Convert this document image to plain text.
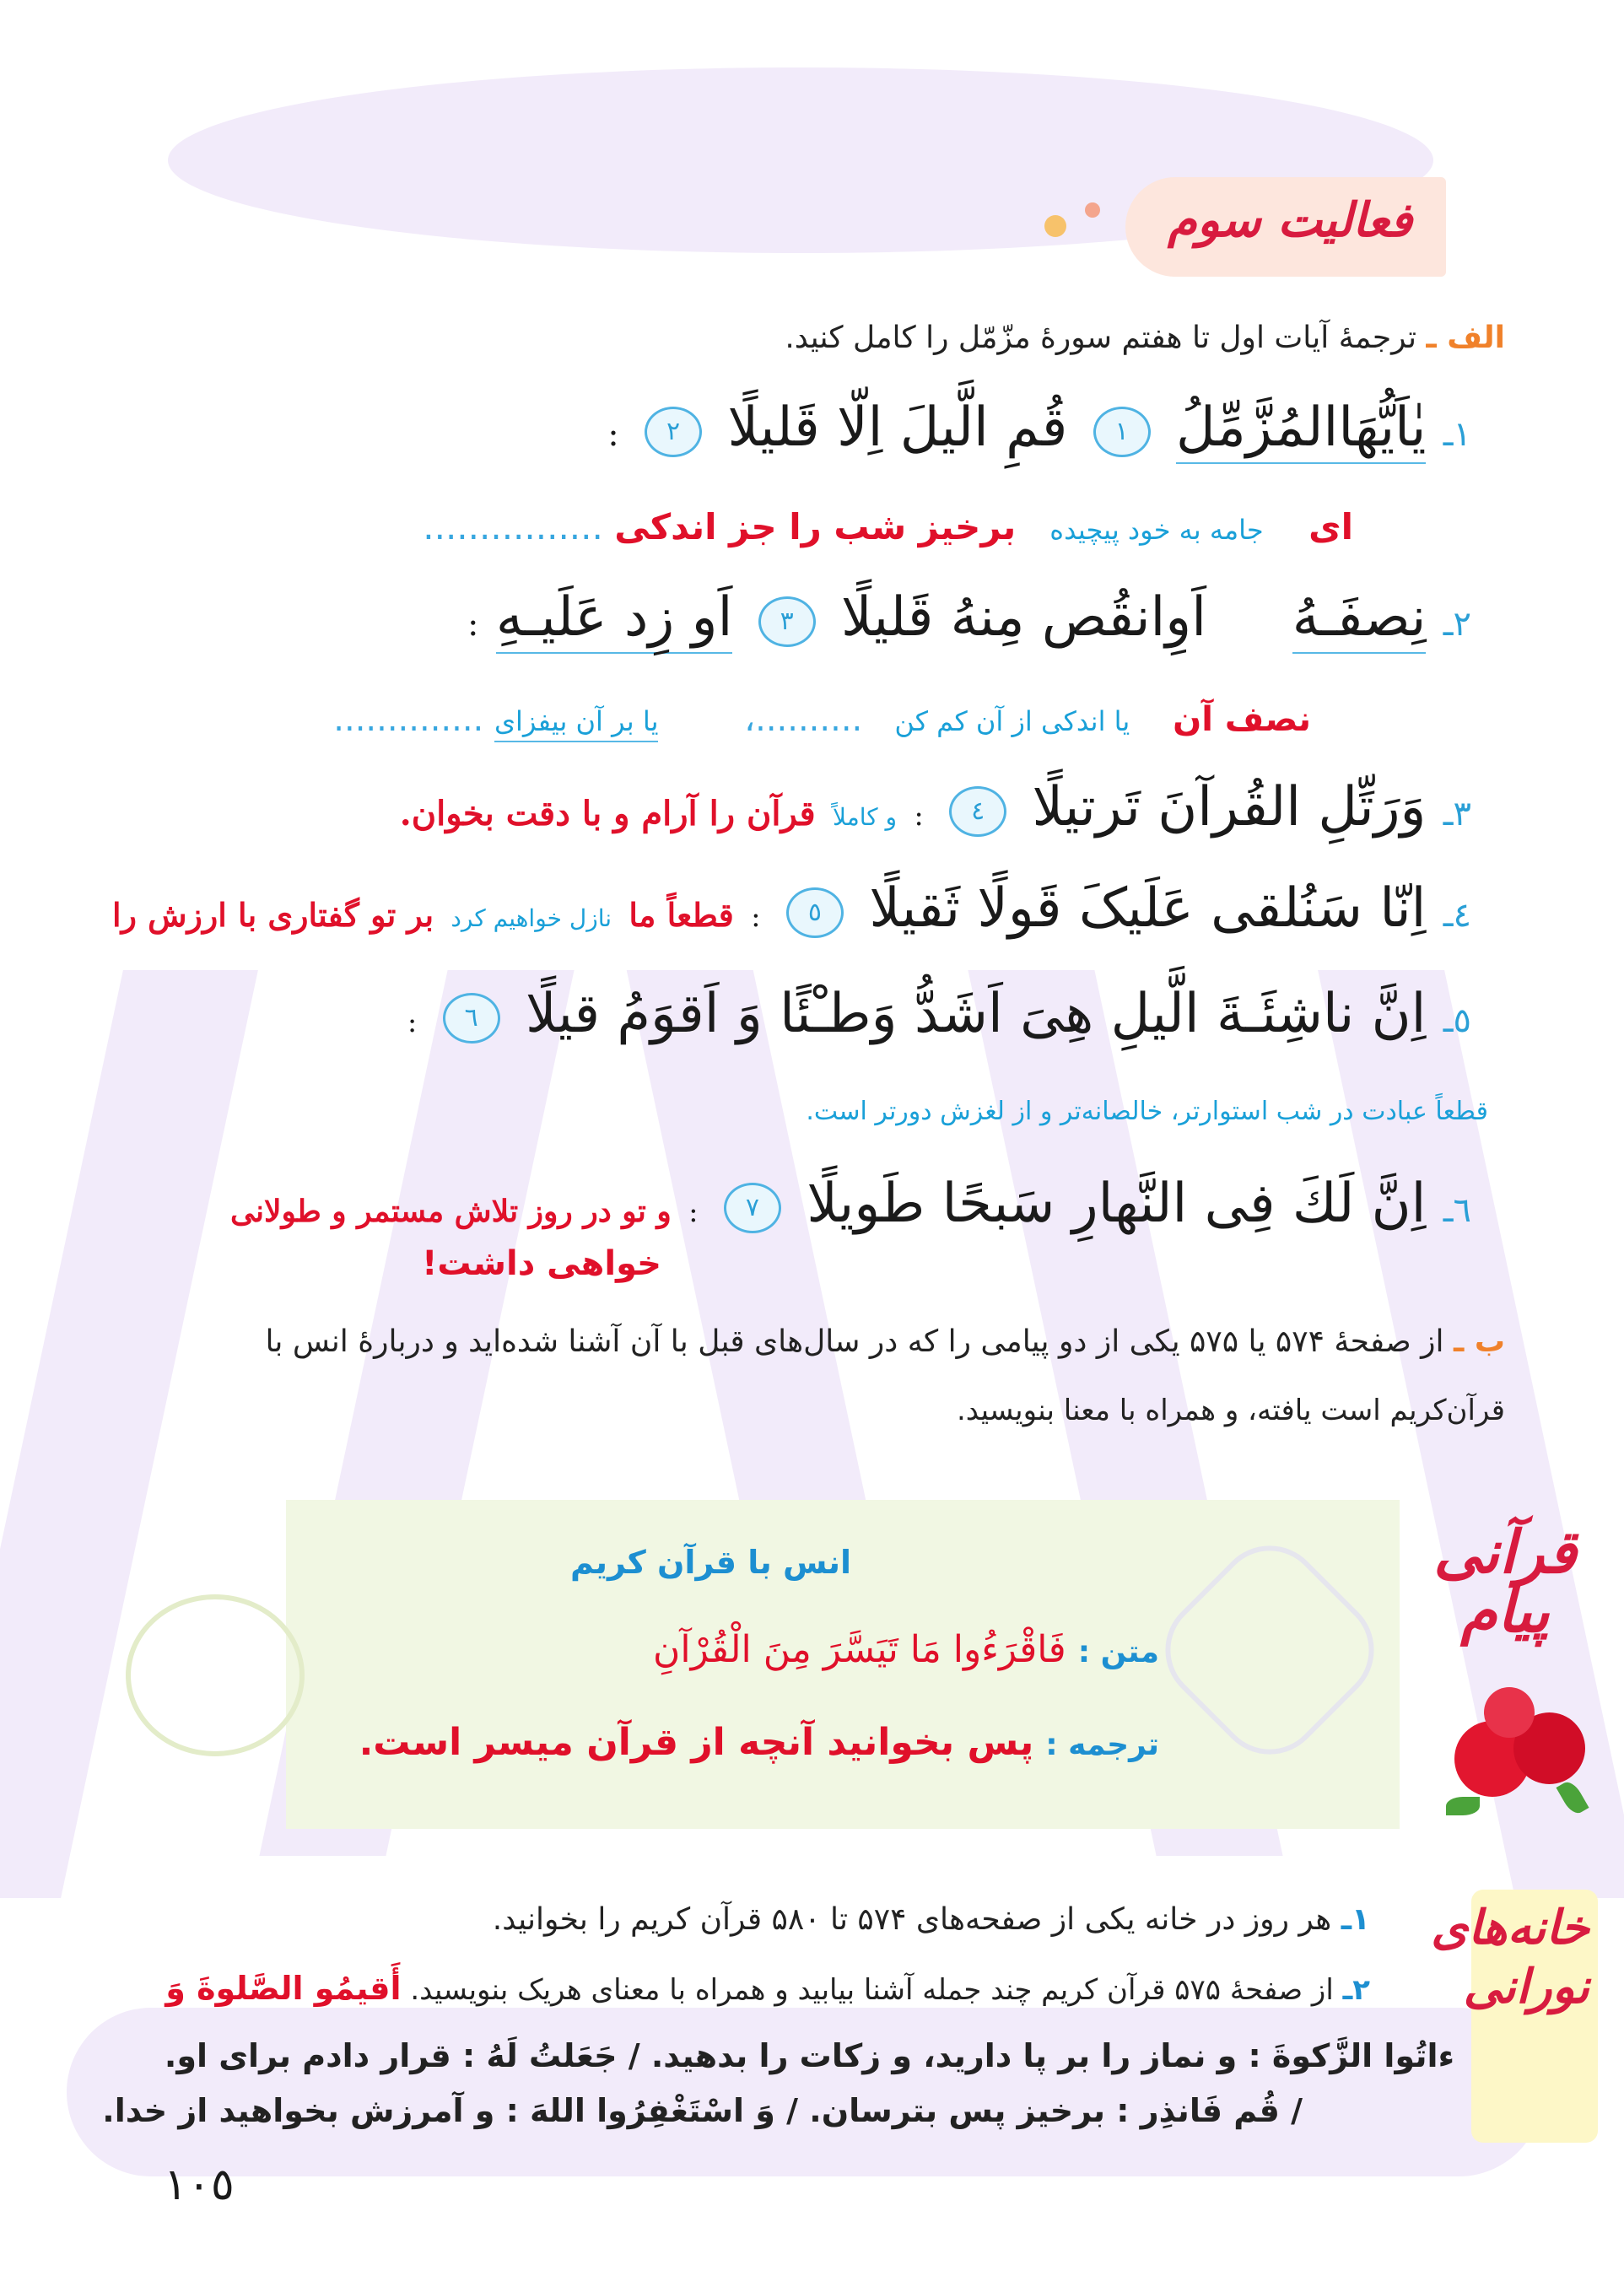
فعالیت سوم
الف ـ ترجمهٔ آیات اول تا هفتم سورهٔ مزّمّل را کامل کنید.
١ـ یٰاَیُّهَاالمُزَّمِّلُ ١ قُمِ الَّیلَ اِلّا قَلیلًا ٢ :
ای    جامه به خود پیچیده   برخیز شب را جز اندکی ................
٢ـ نِصفَـهُ     اَوِانقُص مِنهُ قَلیلًا ٣ اَو زِد عَلَیـهِ :
نصف آن    یا اندکی از آن کم کن   ..........،        یا بر آن بیفزای ..............
٣ـ وَرَتِّلِ القُرآنَ تَرتیلًا ٤ : و کاملاً قرآن را آرام و با دقت بخوان.
٤ـ اِنّا سَنُلقی عَلَیکَ قَولًا ثَقیلًا ٥ : قطعاً ما نازل خواهیم کرد بر تو گفتاری با ارزش را
٥ـ اِنَّ ناشِئَـةَ الَّیلِ هِیَ اَشَدُّ وَطـْئًا وَ اَقوَمُ قیلًا ٦ :
قطعاً عبادت در شب استوارتر، خالصانه‌تر و از لغزش دورتر است.
٦ـ اِنَّ لَكَ فِی النَّهارِ سَبحًا طَویلًا ٧ : و تو در روز تلاش مستمر و طولانی
خواهی داشت!
ب ـ از صفحهٔ ۵۷۴ یا ۵۷۵ یکی از دو پیامی را که در سال‌های قبل با آن آشنا شده‌اید و دربارهٔ انس با
قرآن‌کریم است یافته، و همراه با معنا بنویسید.
انس با قرآن کریم
متن : فَاقْرَءُوا مَا تَیَسَّرَ مِنَ الْقُرْآنِ
ترجمه : پس بخوانید آنچه از قرآن میسر است.
قرآنی
پیام
خانه‌های
نورانی
١ـ هر روز در خانه یکی از صفحه‌های ۵۷۴ تا ۵۸۰ قرآن کریم را بخوانید.
٢ـ از صفحهٔ ۵۷۵ قرآن کریم چند جمله آشنا بیابید و همراه با معنای هریک بنویسید. أَقیمُو الصَّلوةَ وَ
ءاتُوا الزَّکوةَ : و نماز را بر پا دارید، و زکات را بدهید. / جَعَلتُ لَهُ : قرار دادم برای او.
/ قُم فَانذِر : برخیز پس بترسان. / وَ اسْتَغْفِرُوا اللهَ : و آمرزش بخواهید از خدا.
١٠٥
